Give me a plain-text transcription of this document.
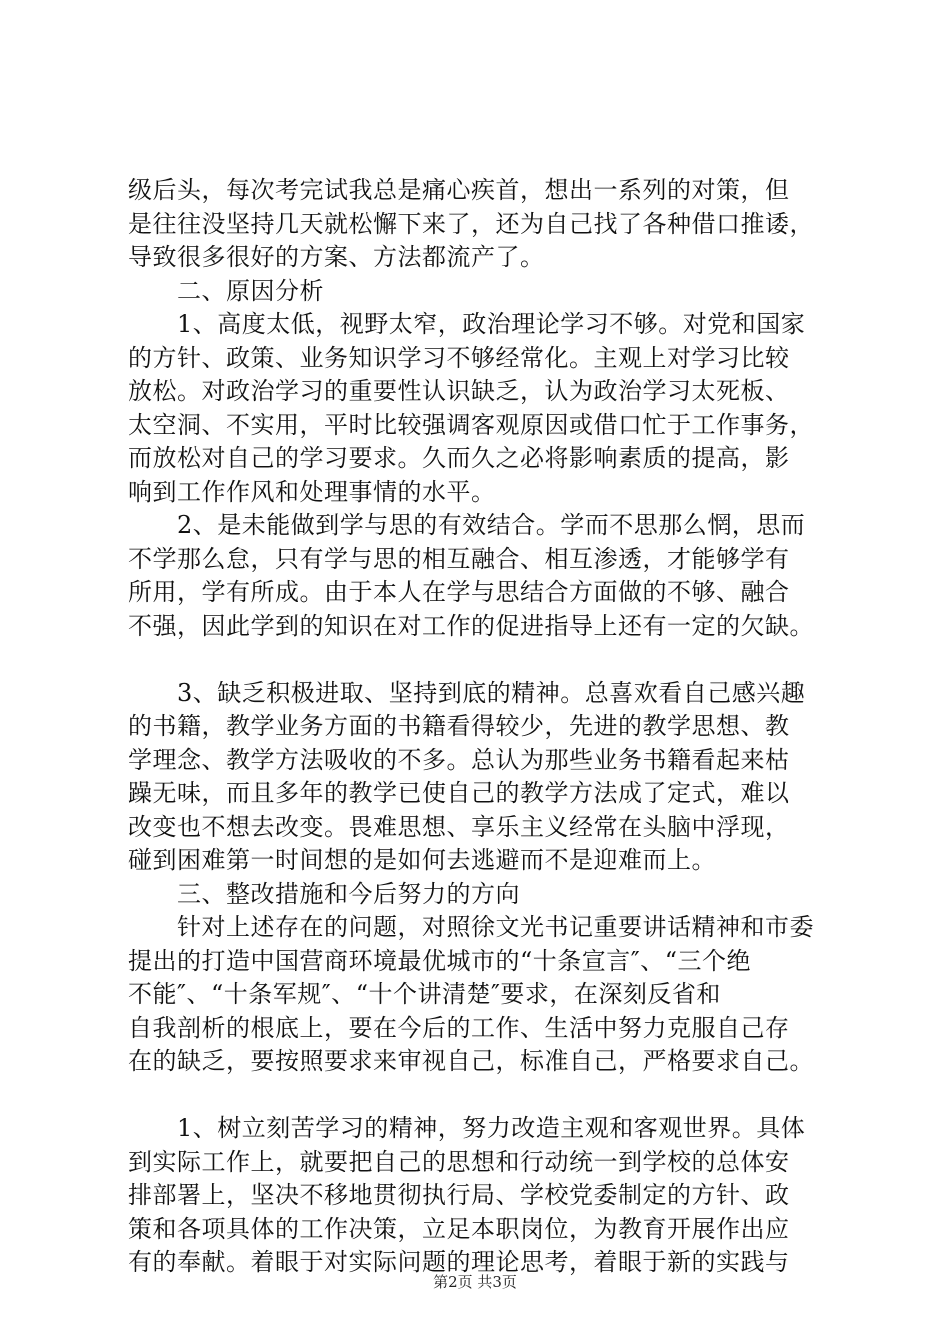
级后头，每次考完试我总是痛心疾首，想出一系列的对策，但
是往往没坚持几天就松懈下来了，还为自己找了各种借口推诿，
导致很多很好的方案、方法都流产了。
　　二、原因分析
　　1、高度太低，视野太窄，政治理论学习不够。对党和国家
的方针、政策、业务知识学习不够经常化。主观上对学习比较
放松。对政治学习的重要性认识缺乏，认为政治学习太死板、
太空洞、不实用，平时比较强调客观原因或借口忙于工作事务，
而放松对自己的学习要求。久而久之必将影响素质的提高，影
响到工作作风和处理事情的水平。
　　2、是未能做到学与思的有效结合。学而不思那么惘，思而
不学那么怠，只有学与思的相互融合、相互渗透，才能够学有
所用，学有所成。由于本人在学与思结合方面做的不够、融合
不强，因此学到的知识在对工作的促进指导上还有一定的欠缺。
　　3、缺乏积极进取、坚持到底的精神。总喜欢看自己感兴趣
的书籍，教学业务方面的书籍看得较少，先进的教学思想、教
学理念、教学方法吸收的不多。总认为那些业务书籍看起来枯
躁无味，而且多年的教学已使自己的教学方法成了定式，难以
改变也不想去改变。畏难思想、享乐主义经常在头脑中浮现，
碰到困难第一时间想的是如何去逃避而不是迎难而上。
　　三、整改措施和今后努力的方向
　　针对上述存在的问题，对照徐文光书记重要讲话精神和市委
提出的打造中国营商环境最优城市的“十条宣言″、“三个绝
不能″、“十条军规″、“十个讲清楚″要求，在深刻反省和
自我剖析的根底上，要在今后的工作、生活中努力克服自己存
在的缺乏，要按照要求来审视自己，标准自己，严格要求自己。
　　1、树立刻苦学习的精神，努力改造主观和客观世界。具体
到实际工作上，就要把自己的思想和行动统一到学校的总体安
排部署上，坚决不移地贯彻执行局、学校党委制定的方针、政
策和各项具体的工作决策，立足本职岗位，为教育开展作出应
有的奉献。着眼于对实际问题的理论思考，着眼于新的实践与
第2页 共3页
